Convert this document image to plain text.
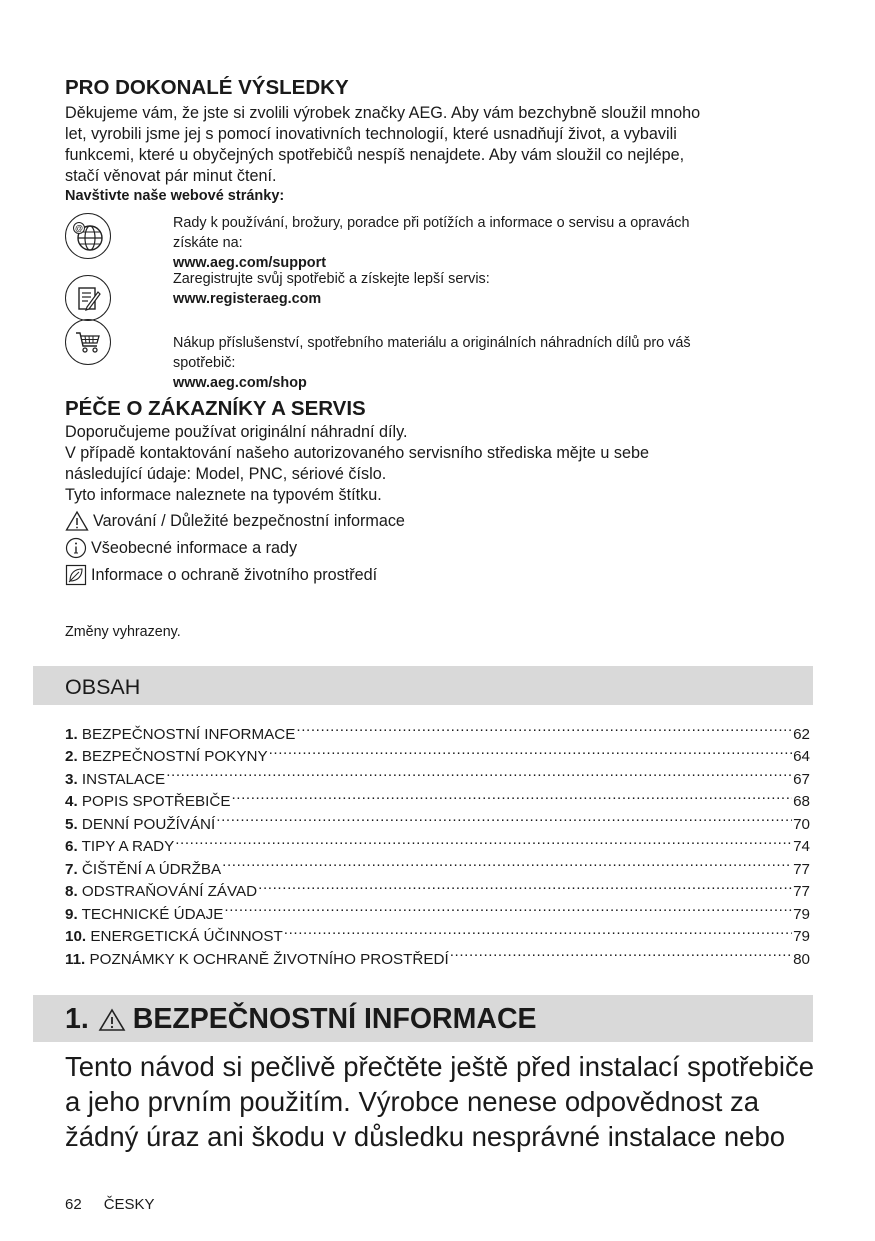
PRO DOKONALÉ VÝSLEDKY

Děkujeme vám, že jste si zvolili výrobek značky AEG. Aby vám bezchybně sloužil mnoho

let, vyrobili jsme jej s pomocí inovativních technologií, které usnadňují život, a vybavili

funkcemi, které u obyčejných spotřebičů nespíš nenajdete. Aby vám sloužil co nejlépe,

stačí věnovat pár minut čtení.

Navštivte naše webové stránky:

@	Rady k používání, brožury, poradce při potížích a informace o servisu a opravách
získáte na:
www.aeg.com/support
Zaregistrujte svůj spotřebič a získejte lepší servis:
www.registeraeg.com
Nákup příslušenství, spotřebního materiálu a originálních náhradních dílů pro váš
spotřebič:
www.aeg.com/shop
PÉČE O ZÁKAZNÍKY A SERVIS

Doporučujeme používat originální náhradní díly.

V případě kontaktování našeho autorizovaného servisního střediska mějte u sebe

následující údaje: Model, PNC, sériové číslo.

Tyto informace naleznete na typovém štítku.

Varování / Důležité bezpečnostní informace
Všeobecné informace a rady
Informace o ochraně životního prostředí

Změny vyhrazeny.

OBSAH
1. BEZPEČNOSTNÍ INFORMACE .....	62
2. BEZPEČNOSTNÍ POKYNY .....	64
3. INSTALACE .....	67
4. POPIS SPOTŘEBIČE .....	68
5. DENNÍ POUŽÍVÁNÍ .....	70
6. TIPY A RADY .....	74
7. ČIŠTĚNÍ A ÚDRŽBA .....	77
8. ODSTRAŇOVÁNÍ ZÁVAD .....	77
9. TECHNICKÉ ÚDAJE .....	79
10. ENERGETICKÁ ÚČINNOST .....	79
11. POZNÁMKY K OCHRANĚ ŽIVOTNÍHO PROSTŘEDÍ .....	80
1. BEZPEČNOSTNÍ INFORMACE
Tento návod si pečlivě přečtěte ještě před instalací spotřebiče
a jeho prvním použitím. Výrobce nenese odpovědnost za
žádný úraz ani škodu v důsledku nesprávné instalace nebo
62 ČESKY
